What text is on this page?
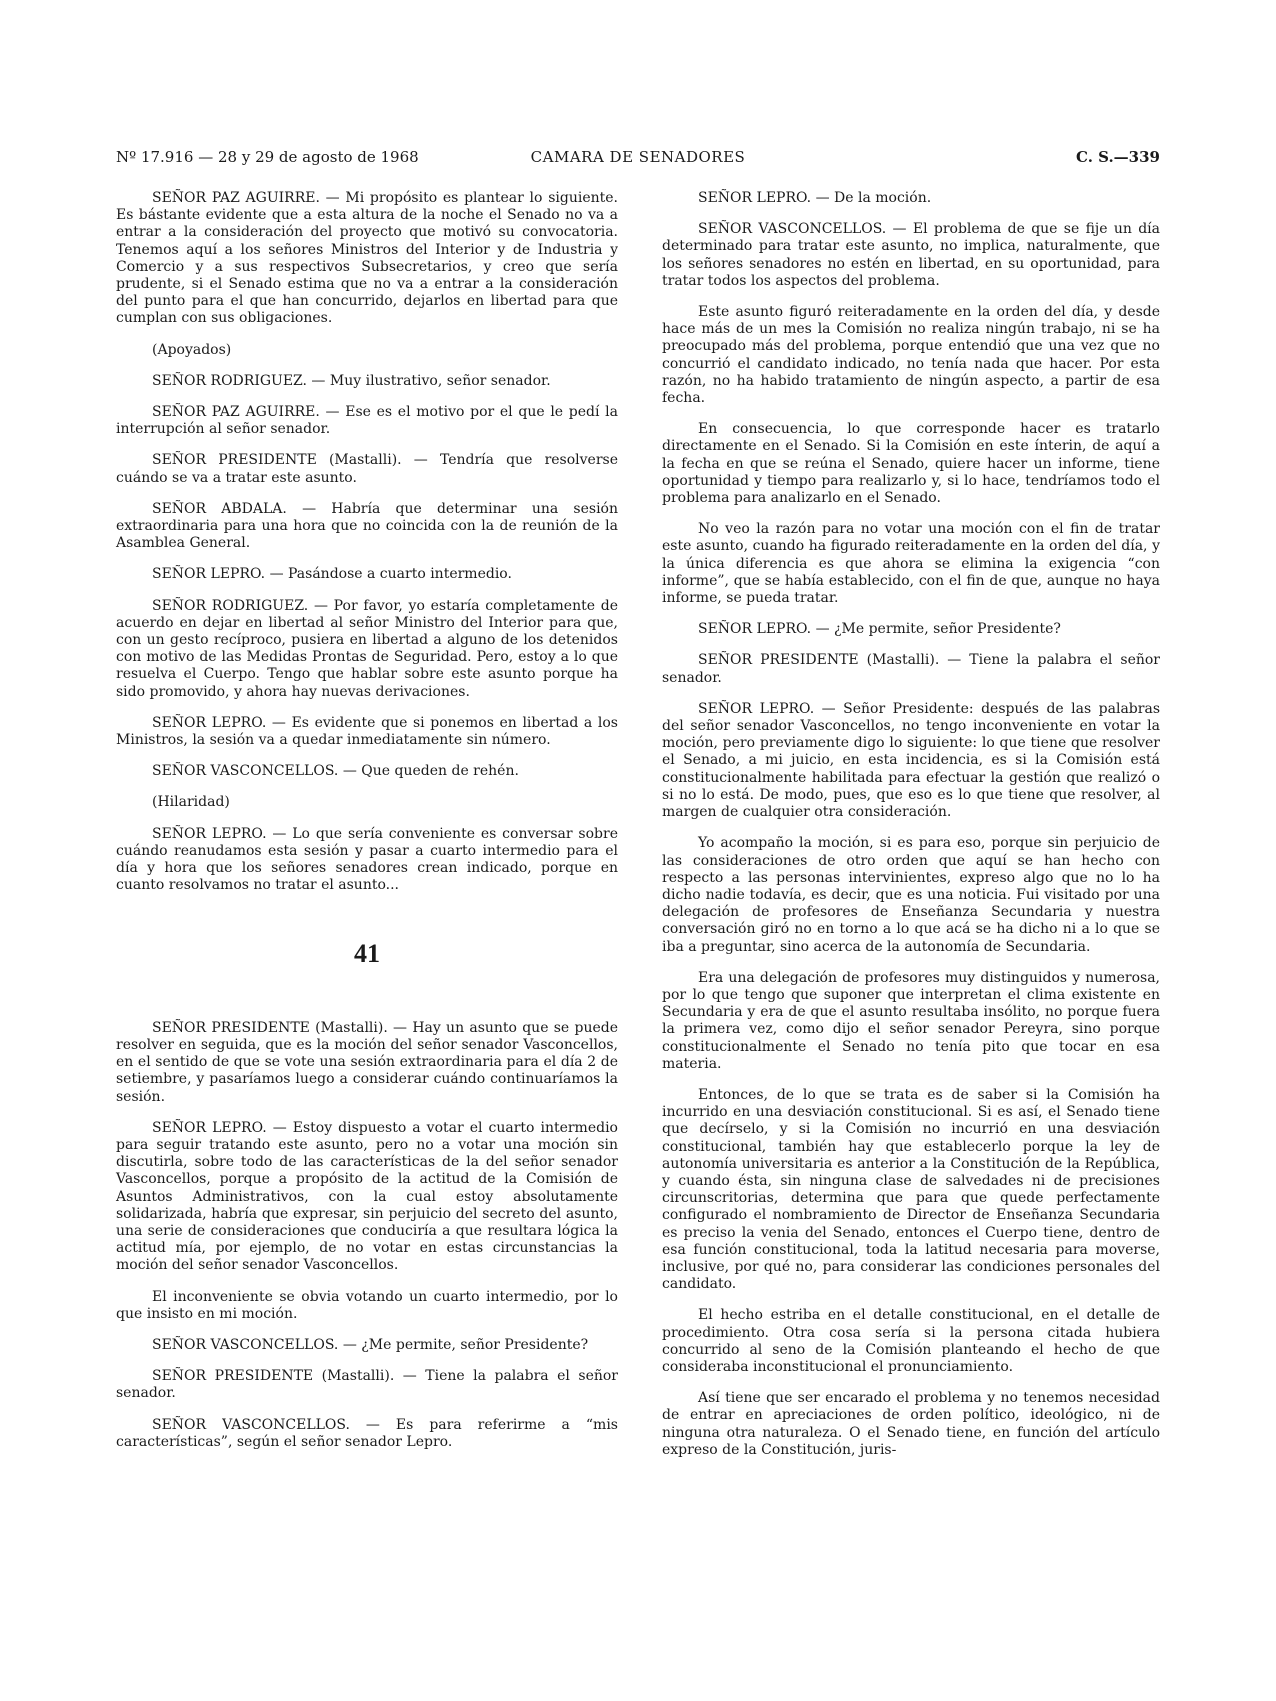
Nº 17.916 — 28 y 29 de agosto de 1968	CAMARA DE SENADORES	C. S.—339

SEÑOR PAZ AGUIRRE. — Mi propósito es plantear lo siguiente. Es bástante evidente que a esta altura de la noche el Senado no va a entrar a la consideración del proyecto que motivó su convocatoria. Tenemos aquí a los señores Ministros del Interior y de Industria y Comercio y a sus respectivos Subsecretarios, y creo que sería prudente, si el Senado estima que no va a entrar a la consideración del punto para el que han concurrido, dejarlos en libertad para que cumplan con sus obligaciones.

(Apoyados)

SEÑOR RODRIGUEZ. — Muy ilustrativo, señor senador.

SEÑOR PAZ AGUIRRE. — Ese es el motivo por el que le pedí la interrupción al señor senador.

SEÑOR PRESIDENTE (Mastalli). — Tendría que resolverse cuándo se va a tratar este asunto.

SEÑOR ABDALA. — Habría que determinar una sesión extraordinaria para una hora que no coincida con la de reunión de la Asamblea General.

SEÑOR LEPRO. — Pasándose a cuarto intermedio.

SEÑOR RODRIGUEZ. — Por favor, yo estaría completamente de acuerdo en dejar en libertad al señor Ministro del Interior para que, con un gesto recíproco, pusiera en libertad a alguno de los detenidos con motivo de las Medidas Prontas de Seguridad. Pero, estoy a lo que resuelva el Cuerpo. Tengo que hablar sobre este asunto porque ha sido promovido, y ahora hay nuevas derivaciones.

SEÑOR LEPRO. — Es evidente que si ponemos en libertad a los Ministros, la sesión va a quedar inmediatamente sin número.

SEÑOR VASCONCELLOS. — Que queden de rehén.

(Hilaridad)

SEÑOR LEPRO. — Lo que sería conveniente es conversar sobre cuándo reanudamos esta sesión y pasar a cuarto intermedio para el día y hora que los señores senadores crean indicado, porque en cuanto resolvamos no tratar el asunto...

41

SEÑOR PRESIDENTE (Mastalli). — Hay un asunto que se puede resolver en seguida, que es la moción del señor senador Vasconcellos, en el sentido de que se vote una sesión extraordinaria para el día 2 de setiembre, y pasaríamos luego a considerar cuándo continuaríamos la sesión.

SEÑOR LEPRO. — Estoy dispuesto a votar el cuarto intermedio para seguir tratando este asunto, pero no a votar una moción sin discutirla, sobre todo de las características de la del señor senador Vasconcellos, porque a propósito de la actitud de la Comisión de Asuntos Administrativos, con la cual estoy absolutamente solidarizada, habría que expresar, sin perjuicio del secreto del asunto, una serie de consideraciones que conduciría a que resultara lógica la actitud mía, por ejemplo, de no votar en estas circunstancias la moción del señor senador Vasconcellos.

El inconveniente se obvia votando un cuarto intermedio, por lo que insisto en mi moción.

SEÑOR VASCONCELLOS. — ¿Me permite, señor Presidente?

SEÑOR PRESIDENTE (Mastalli). — Tiene la palabra el señor senador.

SEÑOR VASCONCELLOS. — Es para referirme a “mis características”, según el señor senador Lepro.

SEÑOR LEPRO. — De la moción.

SEÑOR VASCONCELLOS. — El problema de que se fije un día determinado para tratar este asunto, no implica, naturalmente, que los señores senadores no estén en libertad, en su oportunidad, para tratar todos los aspectos del problema.

Este asunto figuró reiteradamente en la orden del día, y desde hace más de un mes la Comisión no realiza ningún trabajo, ni se ha preocupado más del problema, porque entendió que una vez que no concurrió el candidato indicado, no tenía nada que hacer. Por esta razón, no ha habido tratamiento de ningún aspecto, a partir de esa fecha.

En consecuencia, lo que corresponde hacer es tratarlo directamente en el Senado. Si la Comisión en este ínterin, de aquí a la fecha en que se reúna el Senado, quiere hacer un informe, tiene oportunidad y tiempo para realizarlo y, si lo hace, tendríamos todo el problema para analizarlo en el Senado.

No veo la razón para no votar una moción con el fin de tratar este asunto, cuando ha figurado reiteradamente en la orden del día, y la única diferencia es que ahora se elimina la exigencia “con informe”, que se había establecido, con el fin de que, aunque no haya informe, se pueda tratar.

SEÑOR LEPRO. — ¿Me permite, señor Presidente?

SEÑOR PRESIDENTE (Mastalli). — Tiene la palabra el señor senador.

SEÑOR LEPRO. — Señor Presidente: después de las palabras del señor senador Vasconcellos, no tengo inconveniente en votar la moción, pero previamente digo lo siguiente: lo que tiene que resolver el Senado, a mi juicio, en esta incidencia, es si la Comisión está constitucionalmente habilitada para efectuar la gestión que realizó o si no lo está. De modo, pues, que eso es lo que tiene que resolver, al margen de cualquier otra consideración.

Yo acompaño la moción, si es para eso, porque sin perjuicio de las consideraciones de otro orden que aquí se han hecho con respecto a las personas intervinientes, expreso algo que no lo ha dicho nadie todavía, es decir, que es una noticia. Fui visitado por una delegación de profesores de Enseñanza Secundaria y nuestra conversación giró no en torno a lo que acá se ha dicho ni a lo que se iba a preguntar, sino acerca de la autonomía de Secundaria.

Era una delegación de profesores muy distinguidos y numerosa, por lo que tengo que suponer que interpretan el clima existente en Secundaria y era de que el asunto resultaba insólito, no porque fuera la primera vez, como dijo el señor senador Pereyra, sino porque constitucionalmente el Senado no tenía pito que tocar en esa materia.

Entonces, de lo que se trata es de saber si la Comisión ha incurrido en una desviación constitucional. Si es así, el Senado tiene que decírselo, y si la Comisión no incurrió en una desviación constitucional, también hay que establecerlo porque la ley de autonomía universitaria es anterior a la Constitución de la República, y cuando ésta, sin ninguna clase de salvedades ni de precisiones circunscritorias, determina que para que quede perfectamente configurado el nombramiento de Director de Enseñanza Secundaria es preciso la venia del Senado, entonces el Cuerpo tiene, dentro de esa función constitucional, toda la latitud necesaria para moverse, inclusive, por qué no, para considerar las condiciones personales del candidato.

El hecho estriba en el detalle constitucional, en el detalle de procedimiento. Otra cosa sería si la persona citada hubiera concurrido al seno de la Comisión planteando el hecho de que consideraba inconstitucional el pronunciamiento.

Así tiene que ser encarado el problema y no tenemos necesidad de entrar en apreciaciones de orden político, ideológico, ni de ninguna otra naturaleza. O el Senado tiene, en función del artículo expreso de la Constitución, juris-
